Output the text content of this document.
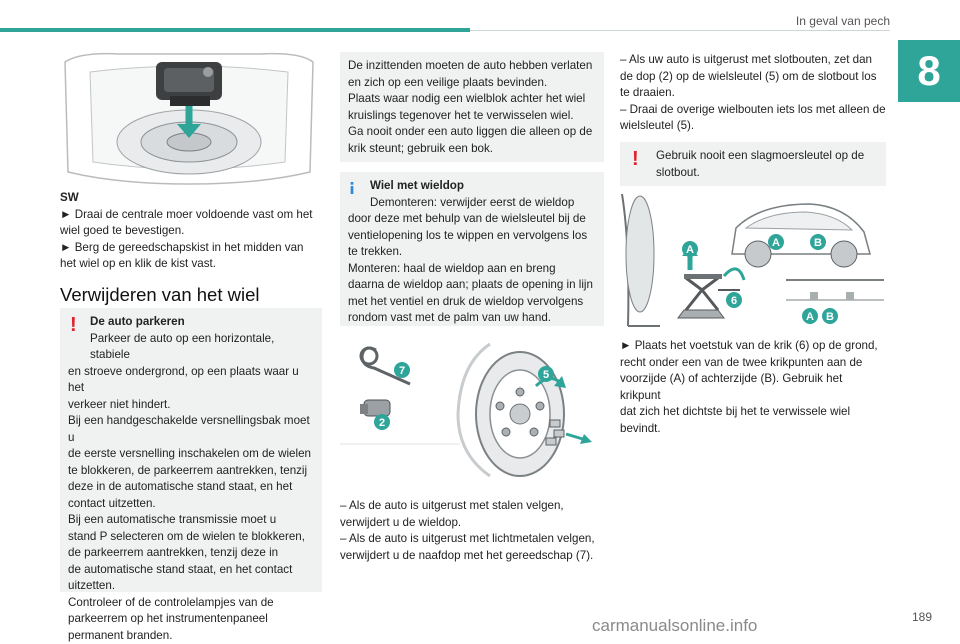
In geval van pech
8

SW

► Draai de centrale moer voldoende vast om het wiel goed te bevestigen.

► Berg de gereedschapskist in het midden van het wiel op en klik de kist vast.

Verwijderen van het wiel
! De auto parkeren

Parkeer de auto op een horizontale, stabiele

en stroeve ondergrond, op een plaats waar u het

verkeer niet hindert.

Bij een handgeschakelde versnellingsbak moet u

de eerste versnelling inschakelen om de wielen

te blokkeren, de parkeerrem aantrekken, tenzij

deze in de automatische stand staat, en het

contact uitzetten.

Bij een automatische transmissie moet u

stand P selecteren om de wielen te blokkeren,

de parkeerrem aantrekken, tenzij deze in

de automatische stand staat, en het contact

uitzetten.

Controleer of de controlelampjes van de

parkeerrem op het instrumentenpaneel

permanent branden.

De inzittenden moeten de auto hebben verlaten

en zich op een veilige plaats bevinden.

Plaats waar nodig een wielblok achter het wiel

kruislings tegenover het te verwisselen wiel.

Ga nooit onder een auto liggen die alleen op de

krik steunt; gebruik een bok.

Wiel met wieldop

Demonteren: verwijder eerst de wieldop

door deze met behulp van de wielsleutel bij de

ventielopening los te wippen en vervolgens los

te trekken.

Monteren: haal de wieldop aan en breng

daarna de wieldop aan; plaats de opening in lijn

met het ventiel en druk de wieldop vervolgens

rondom vast met de palm van uw hand.

7
2
5

– Als de auto is uitgerust met stalen velgen,

verwijdert u de wieldop.

– Als de auto is uitgerust met lichtmetalen velgen,

verwijdert u de naafdop met het gereedschap (7).

– Als uw auto is uitgerust met slotbouten, zet dan

de dop (2) op de wielsleutel (5) om de slotbout los

te draaien.

– Draai de overige wielbouten iets los met alleen de

wielsleutel (5).

! Gebruik nooit een slagmoersleutel op de

slotbout.

A
A	B
6
A B

► Plaats het voetstuk van de krik (6) op de grond,

recht onder een van de twee krikpunten aan de

voorzijde (A) of achterzijde (B). Gebruik het krikpunt

dat zich het dichtste bij het te verwissele wiel

bevindt.

189
carmanualsonline.info
